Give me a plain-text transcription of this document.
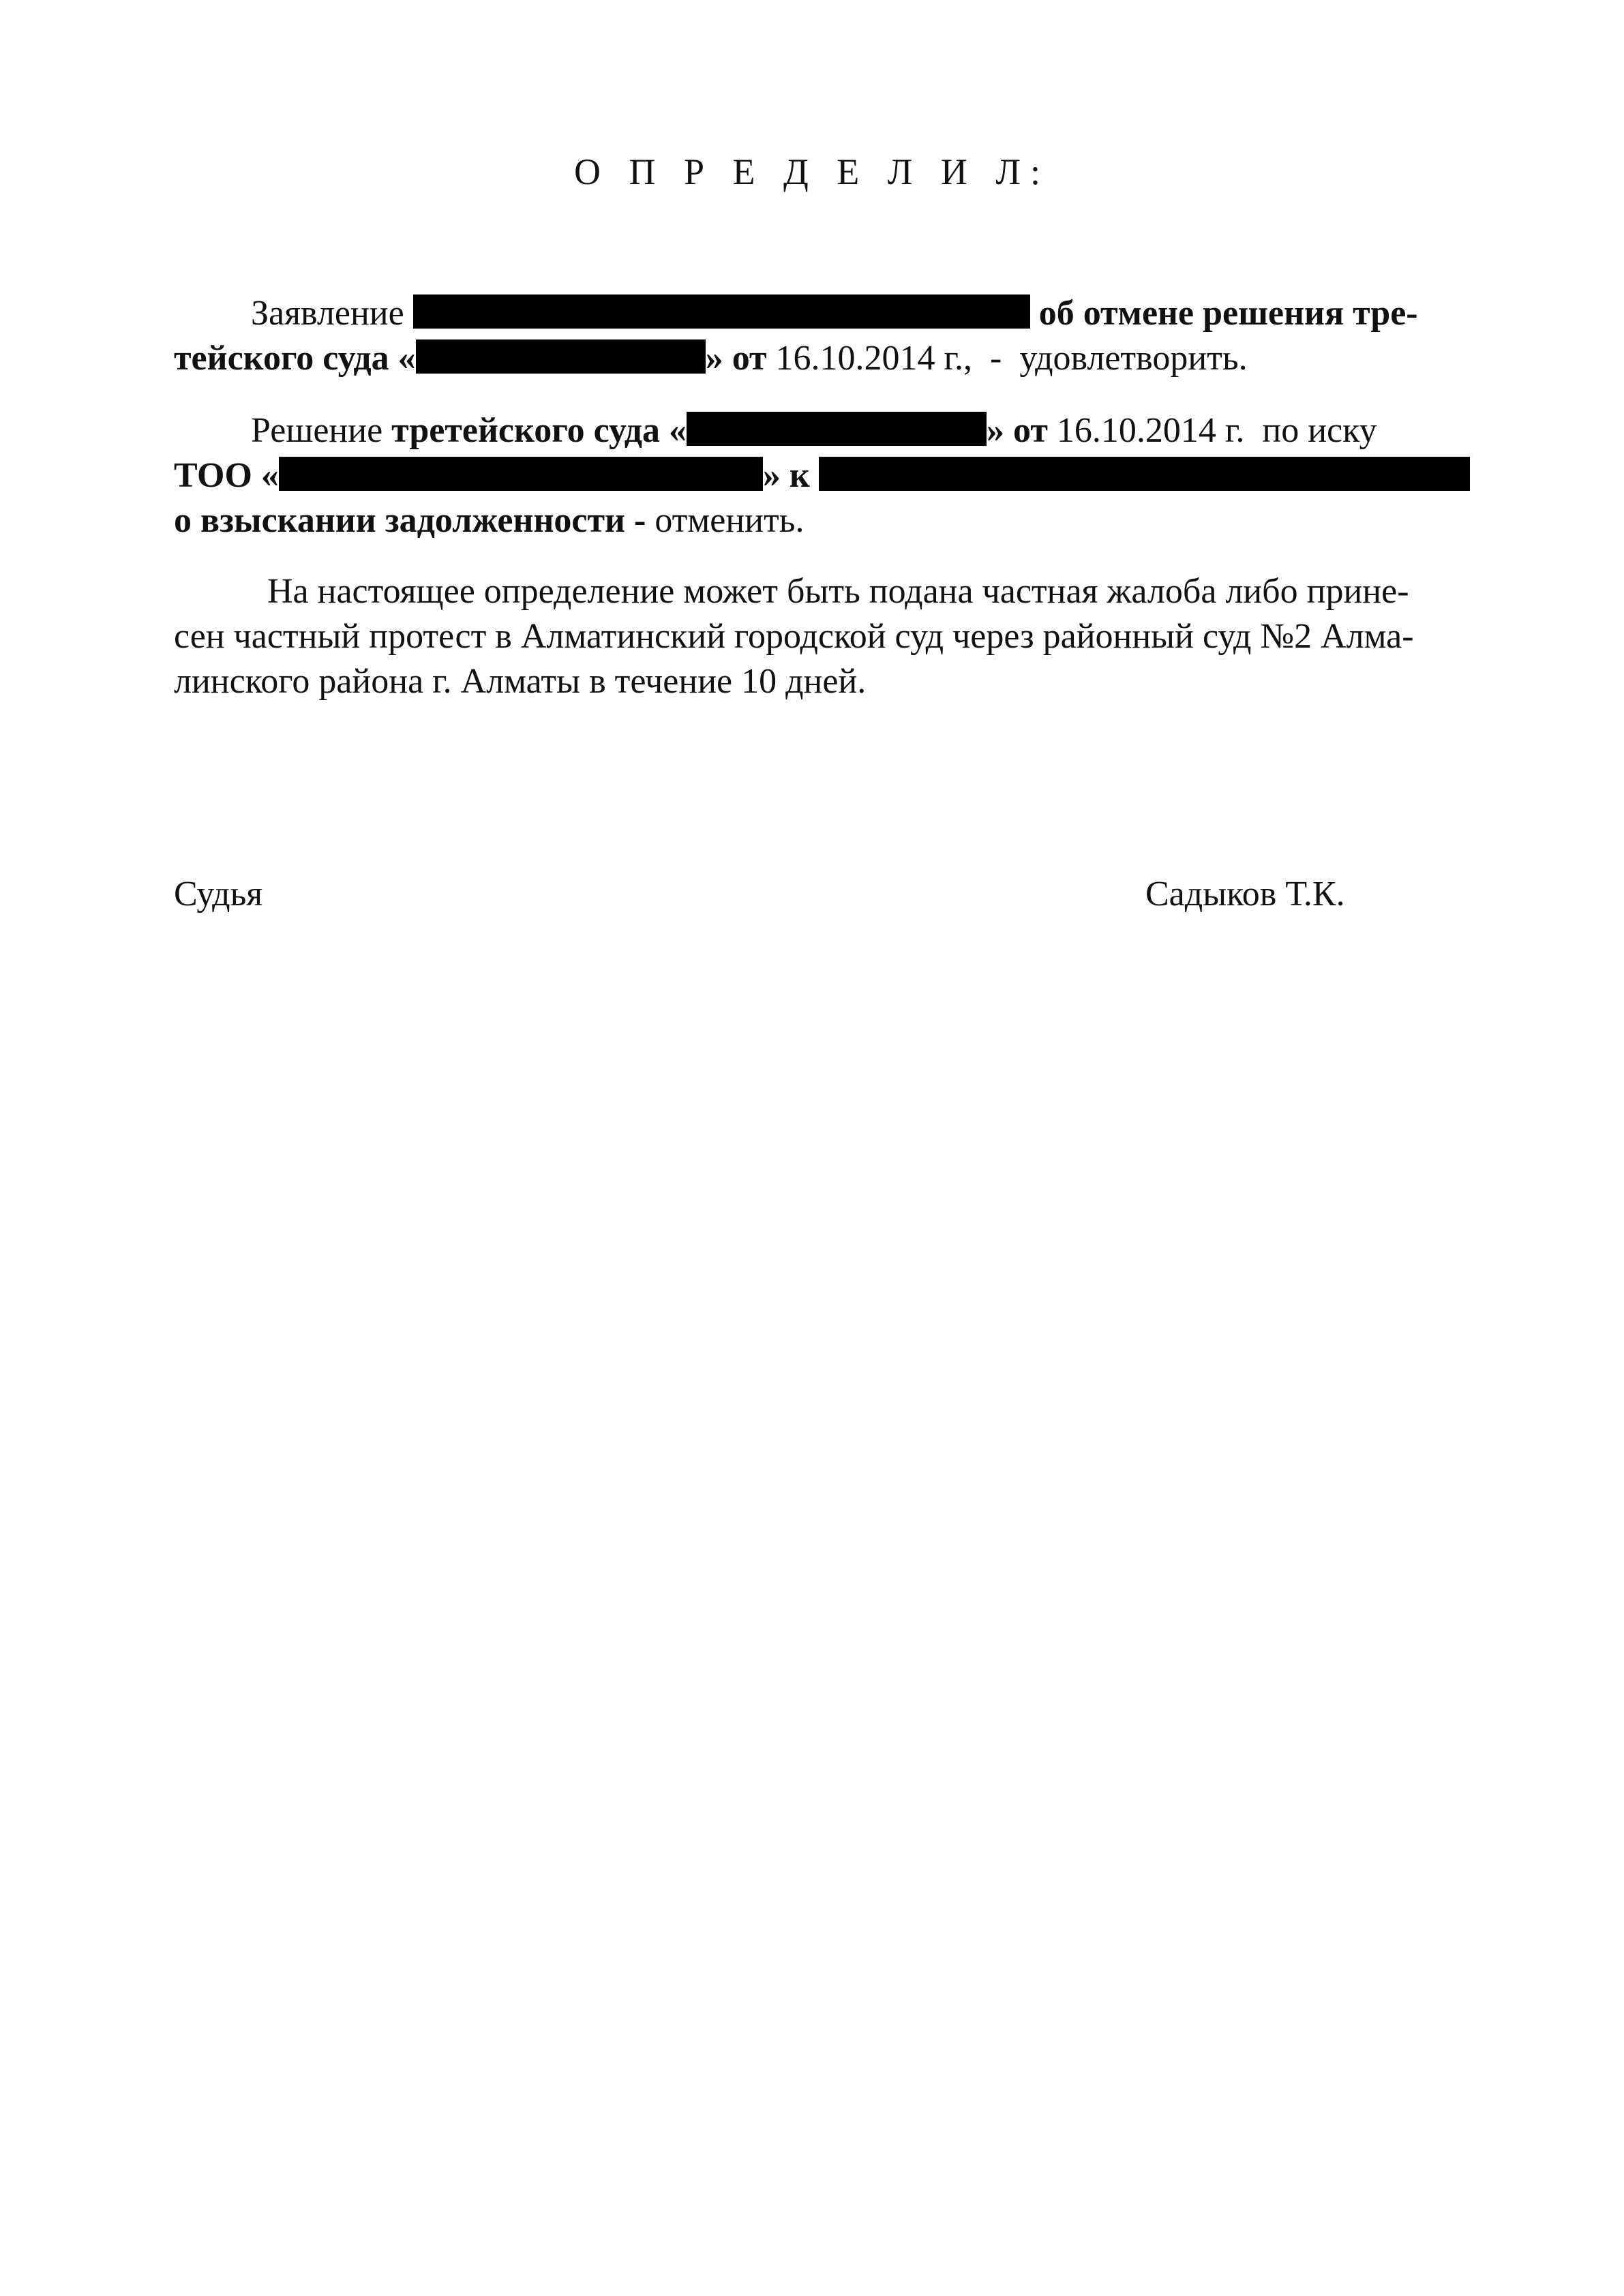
О П Р Е Д Е Л И Л:
Заявление	об отмене решения тре-
тейского суда «	» от 16.10.2014 г., - удовлетворить.
Решение третейского суда «	» от 16.10.2014 г. по иску
ТОО «	» к
о взыскании задолженности - отменить.
На настоящее определение может быть подана частная жалоба либо прине-
сен частный протест в Алматинский городской суд через районный суд №2 Алма-
линского района г. Алматы в течение 10 дней.
Судья	Садыков Т.К.
